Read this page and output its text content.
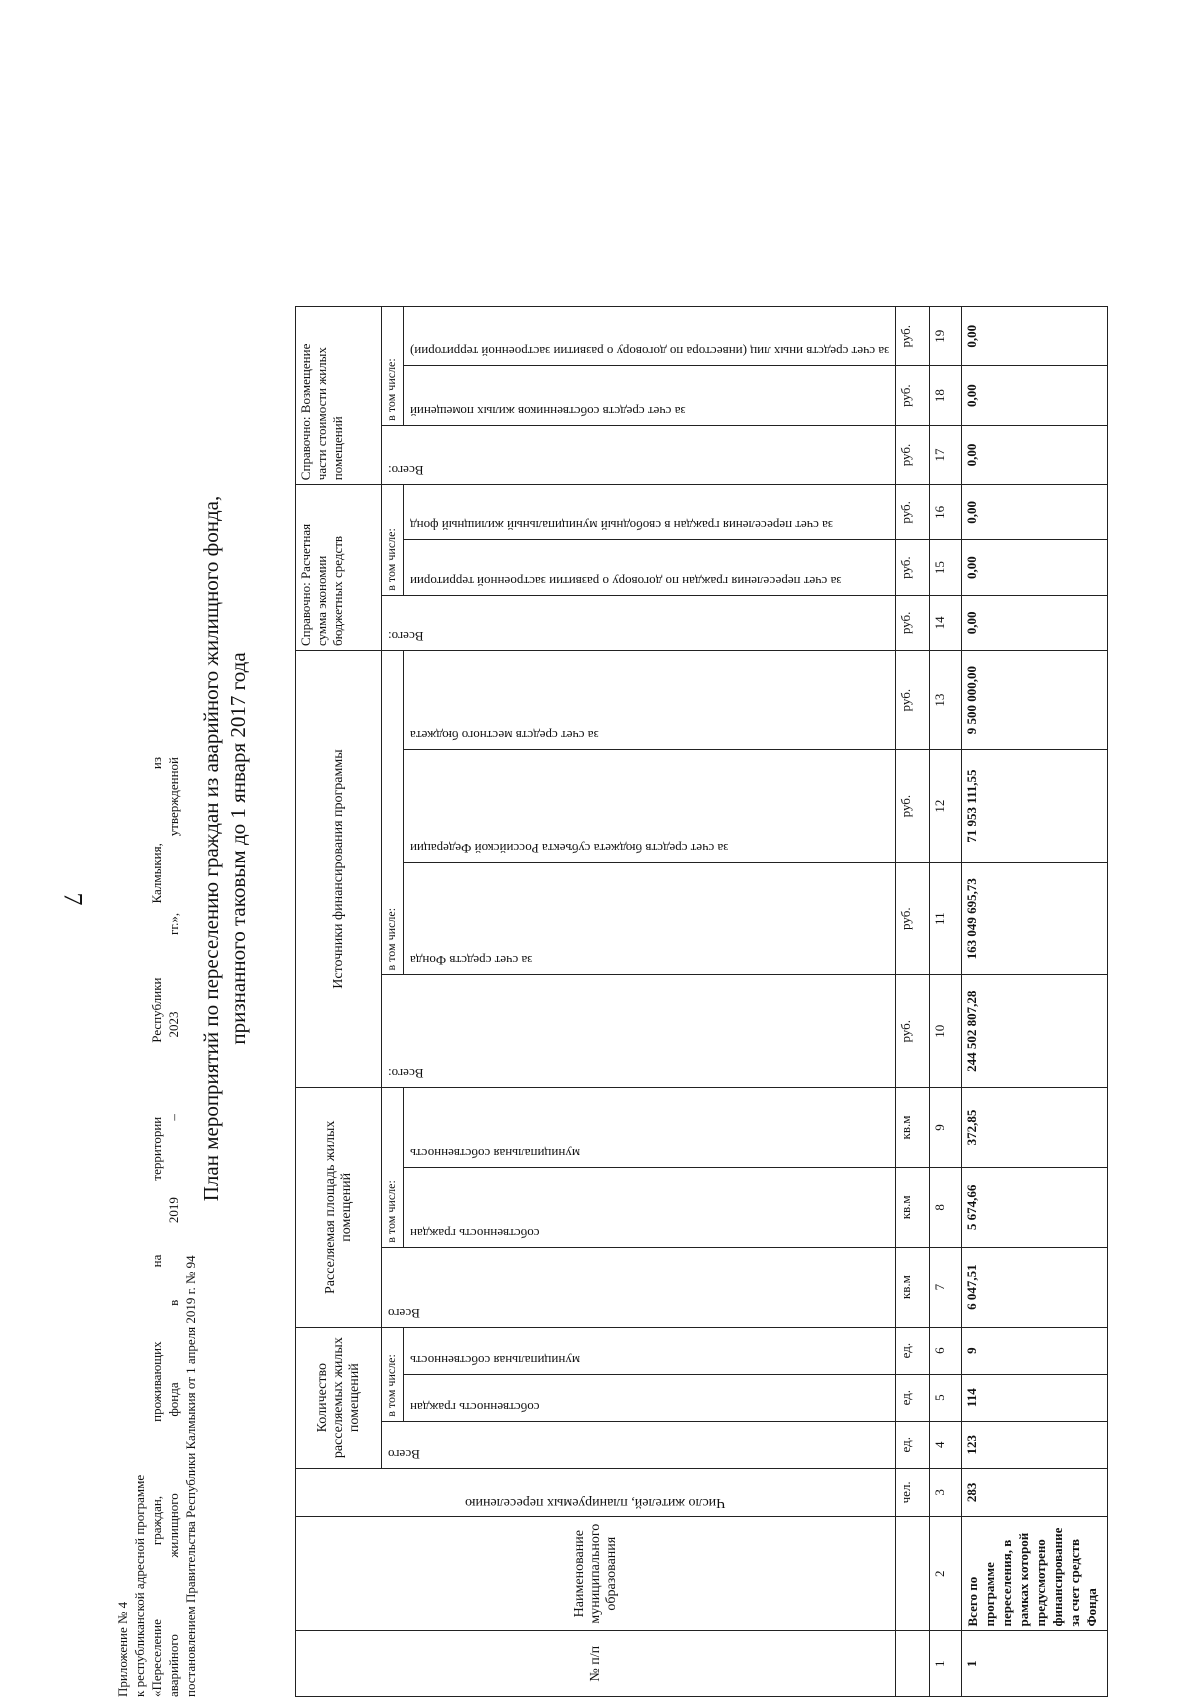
7
Приложение № 4 к республиканской адресной программе «Переселение граждан, проживающих на территории Республики Калмыкия, из аварийного жилищного фонда в 2019 – 2023 гг.», утвержденной постановлением Правительства Республики Калмыкия от 1 апреля 2019 г. № 94
План мероприятий по переселению граждан из аварийного жилищного фонда, признанного таковым до 1 января 2017 года
№ п/п	Наименование муниципального образования	Число жителей, планируемых переселению	Количество расселяемых жилых помещений			Расселяемая площадь жилых помещений			Источники финансирования программы				Справочно: Расчетная сумма экономии бюджетных средств			Справочно: Возмещение части стоимости жилых помещений		

			Всего	в том числе:		Всего	в том числе:		Всего:	в том числе:			Всего:	в том числе:		Всего:	в том числе:	

				собственность граждан	муниципальная собственность		собственность граждан	муниципальная собственность		за счет средств Фонда	за счет средств бюджета субъекта Российской Федерации	за счет средств местного бюджета		за счет переселения граждан по договору о развитии застроенной территории	за счет переселения граждан в свободный муниципальный жилищный фонд		за счет средств собственников жилых помещений	за счет средств иных лиц (инвестора по договору о развитии застроенной территории)

		чел.	ед.	ед.	ед.	кв.м	кв.м	кв.м	руб.	руб.	руб.	руб.	руб.	руб.	руб.	руб.	руб.	руб.
1	2	3	4	5	6	7	8	9	10	11	12	13	14	15	16	17	18	19
1	Всего по программе переселения, в рамках которой предусмотрено финансирование за счет средств Фонда	283	123	114	9	6 047,51	5 674,66	372,85	244 502 807,28	163 049 695,73	71 953 111,55	9 500 000,00	0,00	0,00	0,00	0,00	0,00	0,00
